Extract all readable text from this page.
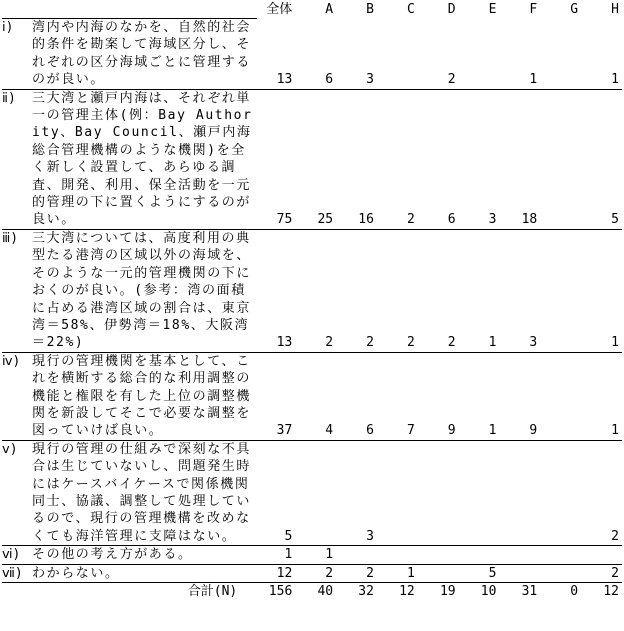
	全体	A	B	C	D	E	F	G	H

ⅰ) 湾内や内海のなかを、自然的社会的条件を勘案して海域区分し、それぞれの区分海域ごとに管理するのが良い。	13	6	3		2		1		1

ⅱ) 三大湾と瀬戸内海は、それぞれ単一の管理主体(例：Bay Authority、Bay Council、瀬戸内海総合管理機構のような機関)を全く新しく設置して、あらゆる調査、開発、利用、保全活動を一元的管理の下に置くようにするのが良い。	75	25	16	2	6	3	18		5

ⅲ) 三大湾については、高度利用の典型たる港湾の区域以外の海域を、そのような一元的管理機関の下におくのが良い。(参考：湾の面積に占める港湾区域の割合は、東京湾＝58%、伊勢湾＝18%、大阪湾＝22%)	13	2	2	2	2	1	3		1

ⅳ) 現行の管理機関を基本として、これを横断する総合的な利用調整の機能と権限を有した上位の調整機関を新設してそこで必要な調整を図っていけば良い。	37	4	6	7	9	1	9		1

ⅴ) 現行の管理の仕組みで深刻な不具合は生じていないし、問題発生時にはケースバイケースで関係機関同士、協議、調整して処理しているので、現行の管理機構を改めなくても海洋管理に支障はない。	5		3						2

ⅵ) その他の考え方がある。	1	1							

ⅶ) わからない。	12	2	2	1		5			2
合計(N)	156	40	32	12	19	10	31	0	12
